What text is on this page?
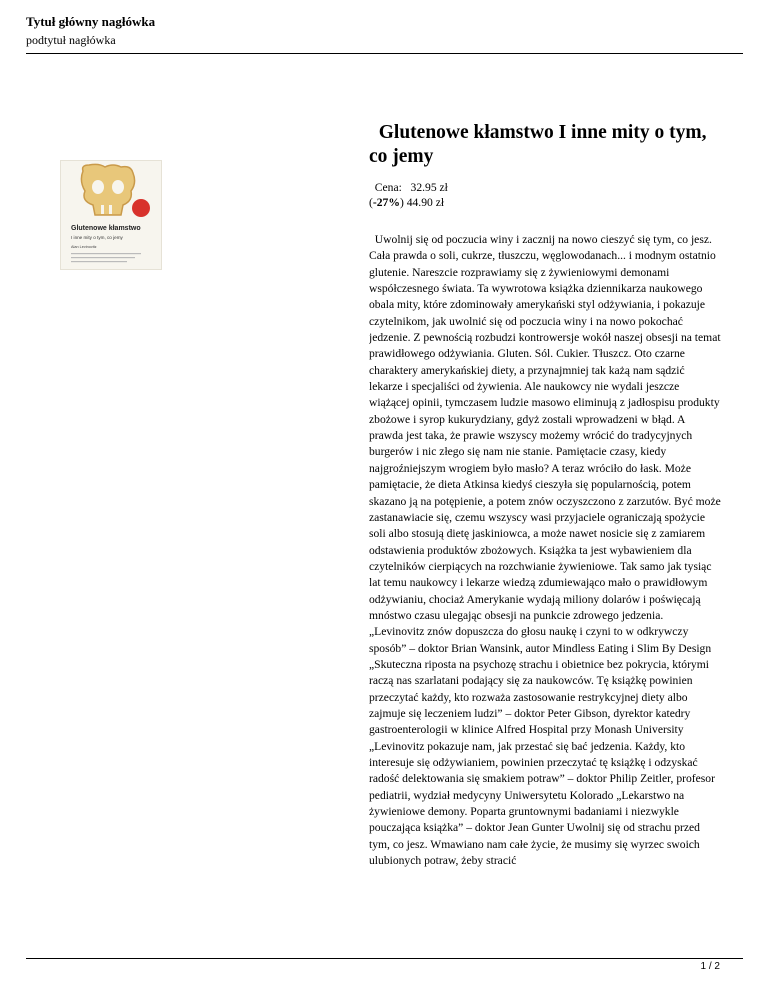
Tytuł główny nagłówka
podtytuł nagłówka
Glutenowe kłamstwo
I inne mity o tym, co jemy
Alan Levinovitz
Glutenowe kłamstwo I inne mity o tym, co jemy
Cena: 32.95 zł
(-27%) 44.90 zł
Uwolnij się od poczucia winy i zacznij na nowo cieszyć się tym, co jesz. Cała prawda o soli, cukrze, tłuszczu, węglowodanach... i modnym ostatnio glutenie. Nareszcie rozprawiamy się z żywieniowymi demonami współczesnego świata. Ta wywrotowa książka dziennikarza naukowego obala mity, które zdominowały amerykański styl odżywiania, i pokazuje czytelnikom, jak uwolnić się od poczucia winy i na nowo pokochać jedzenie. Z pewnością rozbudzi kontrowersje wokół naszej obsesji na temat prawidłowego odżywiania. Gluten. Sól. Cukier. Tłuszcz. Oto czarne charaktery amerykańskiej diety, a przynajmniej tak każą nam sądzić lekarze i specjaliści od żywienia. Ale naukowcy nie wydali jeszcze wiążącej opinii, tymczasem ludzie masowo eliminują z jadłospisu produkty zbożowe i syrop kukurydziany, gdyż zostali wprowadzeni w błąd. A prawda jest taka, że prawie wszyscy możemy wrócić do tradycyjnych burgerów i nic złego się nam nie stanie. Pamiętacie czasy, kiedy najgroźniejszym wrogiem było masło? A teraz wróciło do łask. Może pamiętacie, że dieta Atkinsa kiedyś cieszyła się popularnością, potem skazano ją na potępienie, a potem znów oczyszczono z zarzutów. Być może zastanawiacie się, czemu wszyscy wasi przyjaciele ograniczają spożycie soli albo stosują dietę jaskiniowca, a może nawet nosicie się z zamiarem odstawienia produktów zbożowych. Książka ta jest wybawieniem dla czytelników cierpiących na rozchwianie żywieniowe. Tak samo jak tysiąc lat temu naukowcy i lekarze wiedzą zdumiewająco mało o prawidłowym odżywianiu, chociaż Amerykanie wydają miliony dolarów i poświęcają mnóstwo czasu ulegając obsesji na punkcie zdrowego jedzenia. „Levinovitz znów dopuszcza do głosu naukę i czyni to w odkrywczy sposób” – doktor Brian Wansink, autor Mindless Eating i Slim By Design „Skuteczna riposta na psychozę strachu i obietnice bez pokrycia, którymi raczą nas szarlatani podający się za naukowców. Tę książkę powinien przeczytać każdy, kto rozważa zastosowanie restrykcyjnej diety albo zajmuje się leczeniem ludzi” – doktor Peter Gibson, dyrektor katedry gastroenterologii w klinice Alfred Hospital przy Monash University „Levinovitz pokazuje nam, jak przestać się bać jedzenia. Każdy, kto interesuje się odżywianiem, powinien przeczytać tę książkę i odzyskać radość delektowania się smakiem potraw” – doktor Philip Zeitler, profesor pediatrii, wydział medycyny Uniwersytetu Kolorado „Lekarstwo na żywieniowe demony. Poparta gruntownymi badaniami i niezwykle pouczająca książka” – doktor Jean Gunter Uwolnij się od strachu przed tym, co jesz. Wmawiano nam całe życie, że musimy się wyrzec swoich ulubionych potraw, żeby stracić
1 / 2
